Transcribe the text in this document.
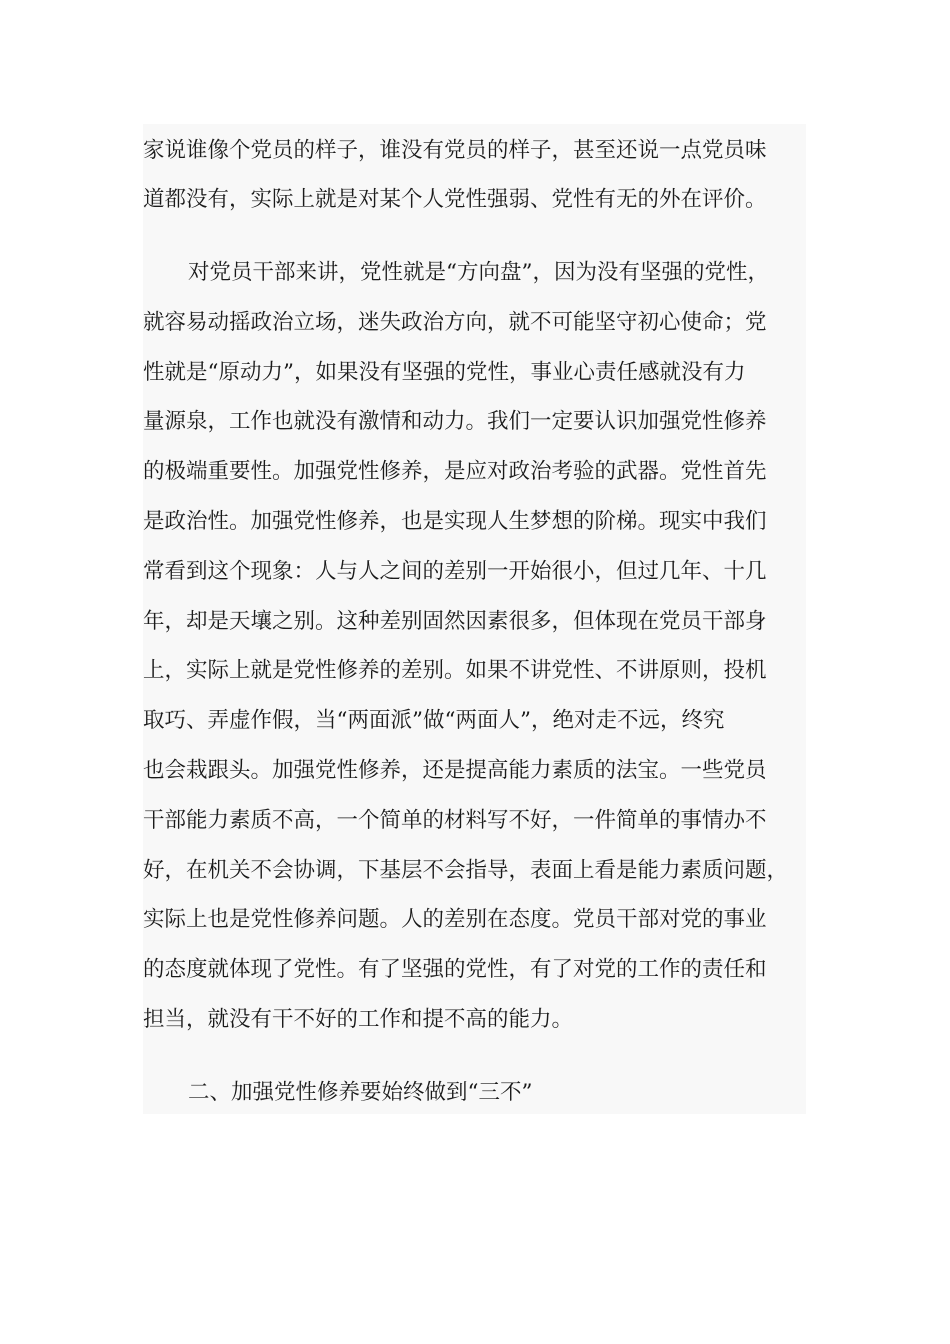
家说谁像个党员的样子，谁没有党员的样子，甚至还说一点党员味
道都没有，实际上就是对某个人党性强弱、党性有无的外在评价。
对党员干部来讲，党性就是“方向盘”，因为没有坚强的党性，
就容易动摇政治立场，迷失政治方向，就不可能坚守初心使命；党
性就是“原动力”，如果没有坚强的党性，事业心责任感就没有力
量源泉，工作也就没有激情和动力。我们一定要认识加强党性修养
的极端重要性。加强党性修养，是应对政治考验的武器。党性首先
是政治性。加强党性修养，也是实现人生梦想的阶梯。现实中我们
常看到这个现象：人与人之间的差别一开始很小，但过几年、十几
年，却是天壤之别。这种差别固然因素很多，但体现在党员干部身
上，实际上就是党性修养的差别。如果不讲党性、不讲原则，投机
取巧、弄虚作假，当“两面派”做“两面人”，绝对走不远，终究
也会栽跟头。加强党性修养，还是提高能力素质的法宝。一些党员
干部能力素质不高，一个简单的材料写不好，一件简单的事情办不
好，在机关不会协调，下基层不会指导，表面上看是能力素质问题，
实际上也是党性修养问题。人的差别在态度。党员干部对党的事业
的态度就体现了党性。有了坚强的党性，有了对党的工作的责任和
担当，就没有干不好的工作和提不高的能力。
二、加强党性修养要始终做到“三不”
